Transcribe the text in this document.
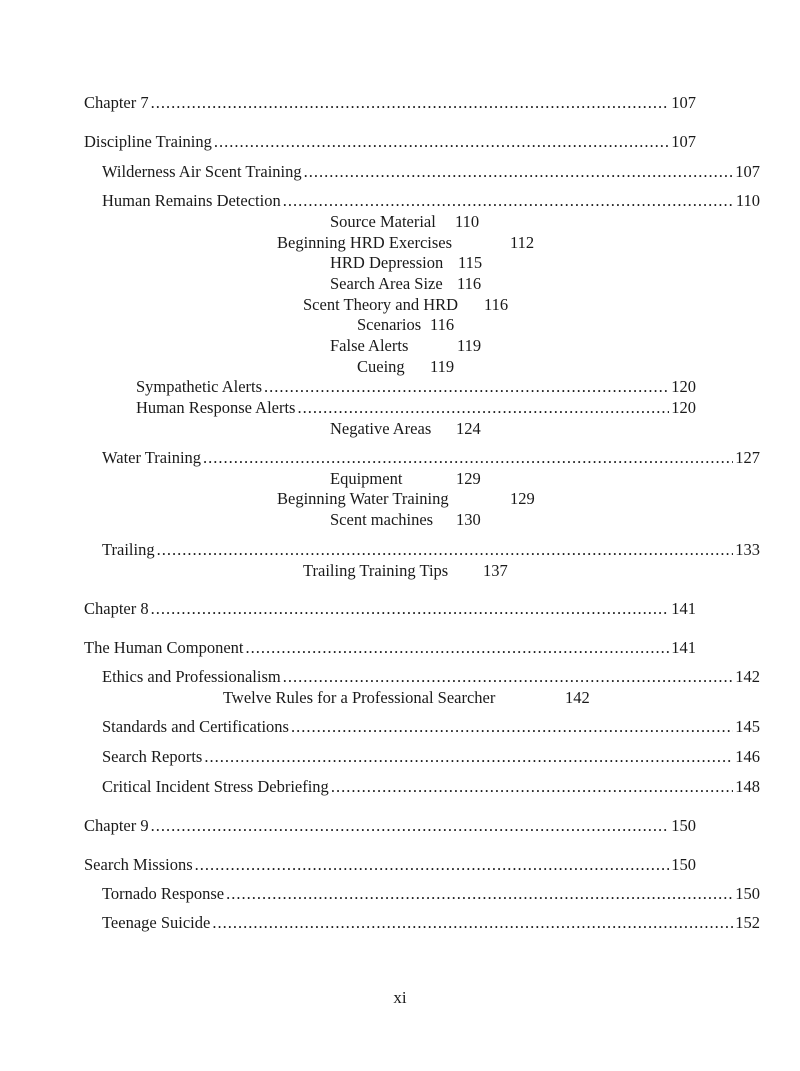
Chapter 7 .....	107
Discipline Training .....	107
Wilderness Air Scent Training .....	107
Human Remains Detection .....	110
Source Material 110
Beginning HRD Exercises	112
HRD Depression 115
Search Area Size 116
Scent Theory and HRD 116
Scenarios 116
False Alerts	119
Cueing 119
Sympathetic Alerts .....	120
Human Response Alerts .....	120
Negative Areas 124
Water Training .....	127
Equipment	129
Beginning Water Training	129
Scent machines 130
Trailing .....	133
Trailing Training Tips 137
Chapter 8 .....	141
The Human Component .....	141
Ethics and Professionalism .....	142
Twelve Rules for a Professional Searcher	142
Standards and Certifications .....	145
Search Reports .....	146
Critical Incident Stress Debriefing .....	148
Chapter 9 .....	150
Search Missions .....	150
Tornado Response .....	150
Teenage Suicide .....	152
xi
